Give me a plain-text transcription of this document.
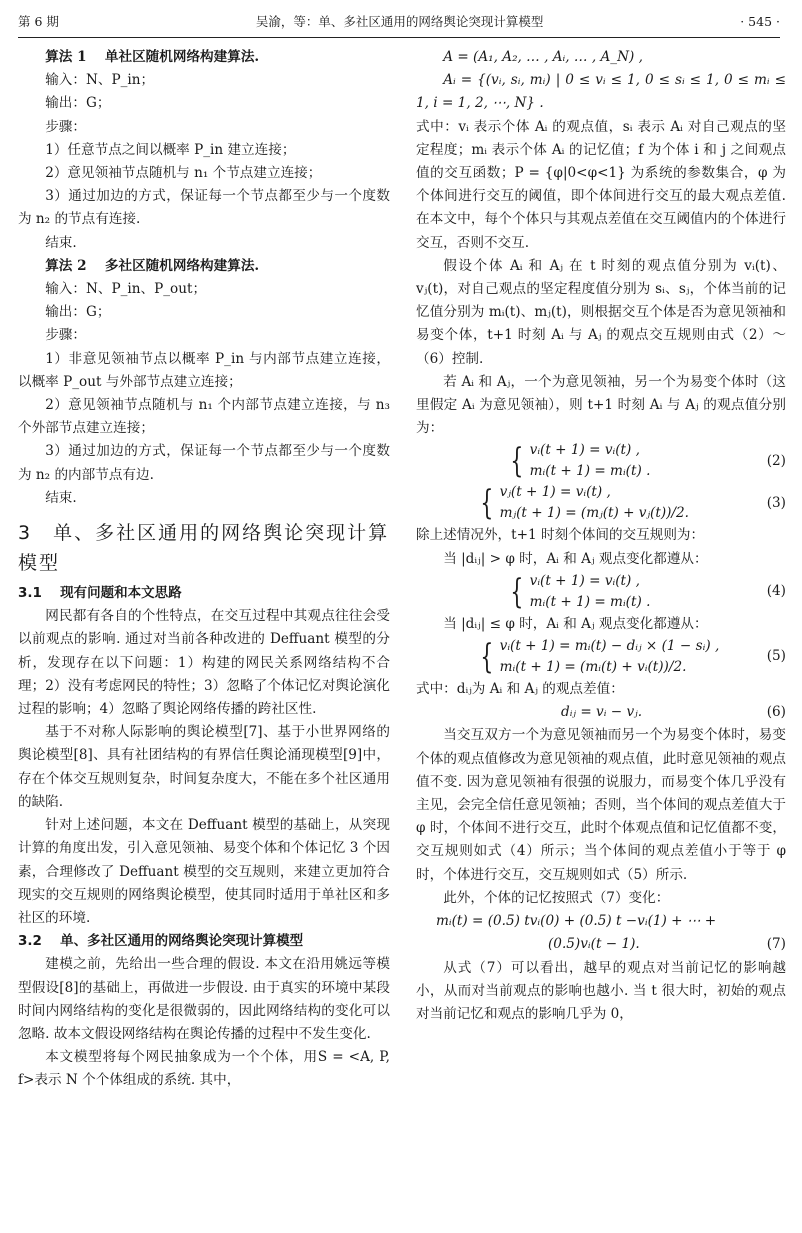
第 6 期	吴渝，等：单、多社区通用的网络舆论突现计算模型	· 545 ·

算法 1　 单社区随机网络构建算法.

输入：N、P_in；

输出：G；

步骤：

1）任意节点之间以概率 P_in 建立连接；

2）意见领袖节点随机与 n₁ 个节点建立连接；

3）通过加边的方式，保证每一个节点都至少与一个度数为 n₂ 的节点有连接.

结束.

算法 2　 多社区随机网络构建算法.

输入：N、P_in、P_out；

输出：G；

步骤：

1）非意见领袖节点以概率 P_in 与内部节点建立连接，以概率 P_out 与外部节点建立连接；

2）意见领袖节点随机与 n₁ 个内部节点建立连接，与 n₃ 个外部节点建立连接；

3）通过加边的方式，保证每一个节点都至少与一个度数为 n₂ 的内部节点有边.

结束.

3　单、多社区通用的网络舆论突现计算模型

3.1　 现有问题和本文思路

网民都有各自的个性特点，在交互过程中其观点往往会受以前观点的影响. 通过对当前各种改进的 Deffuant 模型的分析，发现存在以下问题：1）构建的网民关系网络结构不合理；2）没有考虑网民的特性；3）忽略了个体记忆对舆论演化过程的影响；4）忽略了舆论网络传播的跨社区性.

基于不对称人际影响的舆论模型[7]、基于小世界网络的舆论模型[8]、具有社团结构的有界信任舆论涌现模型[9]中，存在个体交互规则复杂，时间复杂度大，不能在多个社区通用的缺陷.

针对上述问题，本文在 Deffuant 模型的基础上，从突现计算的角度出发，引入意见领袖、易变个体和个体记忆 3 个因素，合理修改了 Deffuant 模型的交互规则，来建立更加符合现实的交互规则的网络舆论模型，使其同时适用于单社区和多社区的环境.

3.2　 单、多社区通用的网络舆论突现计算模型

建模之前，先给出一些合理的假设. 本文在沿用姚远等模型假设[8]的基础上，再做进一步假设. 由于真实的环境中某段时间内网络结构的变化是很微弱的，因此网络结构的变化可以忽略. 故本文假设网络结构在舆论传播的过程中不发生变化.

本文模型将每个网民抽象成为一个个体，用S = <A, P, f>表示 N 个个体组成的系统. 其中，

A = (A₁, A₂, … , Aᵢ, … , A_N) ,

Aᵢ = {(vᵢ, sᵢ, mᵢ) | 0 ≤ vᵢ ≤ 1, 0 ≤ sᵢ ≤ 1, 0 ≤ mᵢ ≤ 1, i = 1, 2, ⋯, N} .

式中：vᵢ 表示个体 Aᵢ 的观点值，sᵢ 表示 Aᵢ 对自己观点的坚定程度；mᵢ 表示个体 Aᵢ 的记忆值；f 为个体 i 和 j 之间观点值的交互函数；P = {φ|0<φ<1} 为系统的参数集合，φ 为个体间进行交互的阈值，即个体间进行交互的最大观点差值. 在本文中，每个个体只与其观点差值在交互阈值内的个体进行交互，否则不交互.

假设个体 Aᵢ 和 Aⱼ 在 t 时刻的观点值分别为 vᵢ(t)、vⱼ(t)，对自己观点的坚定程度值分别为 sᵢ、sⱼ，个体当前的记忆值分别为 mᵢ(t)、mⱼ(t)，则根据交互个体是否为意见领袖和易变个体，t+1 时刻 Aᵢ 与 Aⱼ 的观点交互规则由式（2）～（6）控制.

若 Aᵢ 和 Aⱼ，一个为意见领袖，另一个为易变个体时（这里假定 Aᵢ 为意见领袖），则 t+1 时刻 Aᵢ 与 Aⱼ 的观点值分别为：

{ vᵢ(t + 1) = vᵢ(t) ,
mᵢ(t + 1) = mᵢ(t) .
(2)
{ vⱼ(t + 1) = vᵢ(t) ,
mⱼ(t + 1) = (mⱼ(t) + vⱼ(t))/2.
(3)

除上述情况外，t+1 时刻个体间的交互规则为：

当 |dᵢⱼ| > φ 时，Aᵢ 和 Aⱼ 观点变化都遵从：

{ vᵢ(t + 1) = vᵢ(t) ,
mᵢ(t + 1) = mᵢ(t) .
(4)

当 |dᵢⱼ| ≤ φ 时，Aᵢ 和 Aⱼ 观点变化都遵从：

{ vᵢ(t + 1) = mᵢ(t) − dᵢⱼ × (1 − sᵢ) ,
mᵢ(t + 1) = (mᵢ(t) + vᵢ(t))/2.
(5)

式中：dᵢⱼ为 Aᵢ 和 Aⱼ 的观点差值：

dᵢⱼ = vᵢ − vⱼ.	(6)

当交互双方一个为意见领袖而另一个为易变个体时，易变个体的观点值修改为意见领袖的观点值，此时意见领袖的观点值不变. 因为意见领袖有很强的说服力，而易变个体几乎没有主见，会完全信任意见领袖；否则，当个体间的观点差值大于 φ 时，个体间不进行交互，此时个体观点值和记忆值都不变，交互规则如式（4）所示；当个体间的观点差值小于等于 φ 时，个体进行交互，交互规则如式（5）所示.

此外，个体的记忆按照式（7）变化：

mᵢ(t) = (0.5) tvᵢ(0) + (0.5) t −vᵢ(1) + ⋯ +
(0.5)vᵢ(t − 1).	(7)

从式（7）可以看出，越早的观点对当前记忆的影响越小，从而对当前观点的影响也越小. 当 t 很大时，初始的观点对当前记忆和观点的影响几乎为 0，
